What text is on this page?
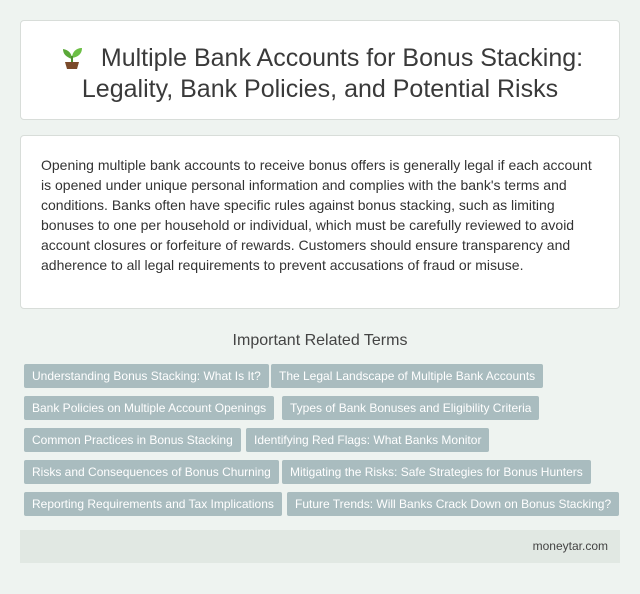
Multiple Bank Accounts for Bonus Stacking:
Legality, Bank Policies, and Potential Risks

Opening multiple bank accounts to receive bonus offers is generally legal if each account is opened under unique personal information and complies with the bank's terms and conditions. Banks often have specific rules against bonus stacking, such as limiting bonuses to one per household or individual, which must be carefully reviewed to avoid account closures or forfeiture of rewards. Customers should ensure transparency and adherence to all legal requirements to prevent accusations of fraud or misuse.

Important Related Terms
Understanding Bonus Stacking: What Is It?	The Legal Landscape of Multiple Bank Accounts
Bank Policies on Multiple Account Openings	Types of Bank Bonuses and Eligibility Criteria
Common Practices in Bonus Stacking	Identifying Red Flags: What Banks Monitor
Risks and Consequences of Bonus Churning	Mitigating the Risks: Safe Strategies for Bonus Hunters
Reporting Requirements and Tax Implications	Future Trends: Will Banks Crack Down on Bonus Stacking?
moneytar.com
